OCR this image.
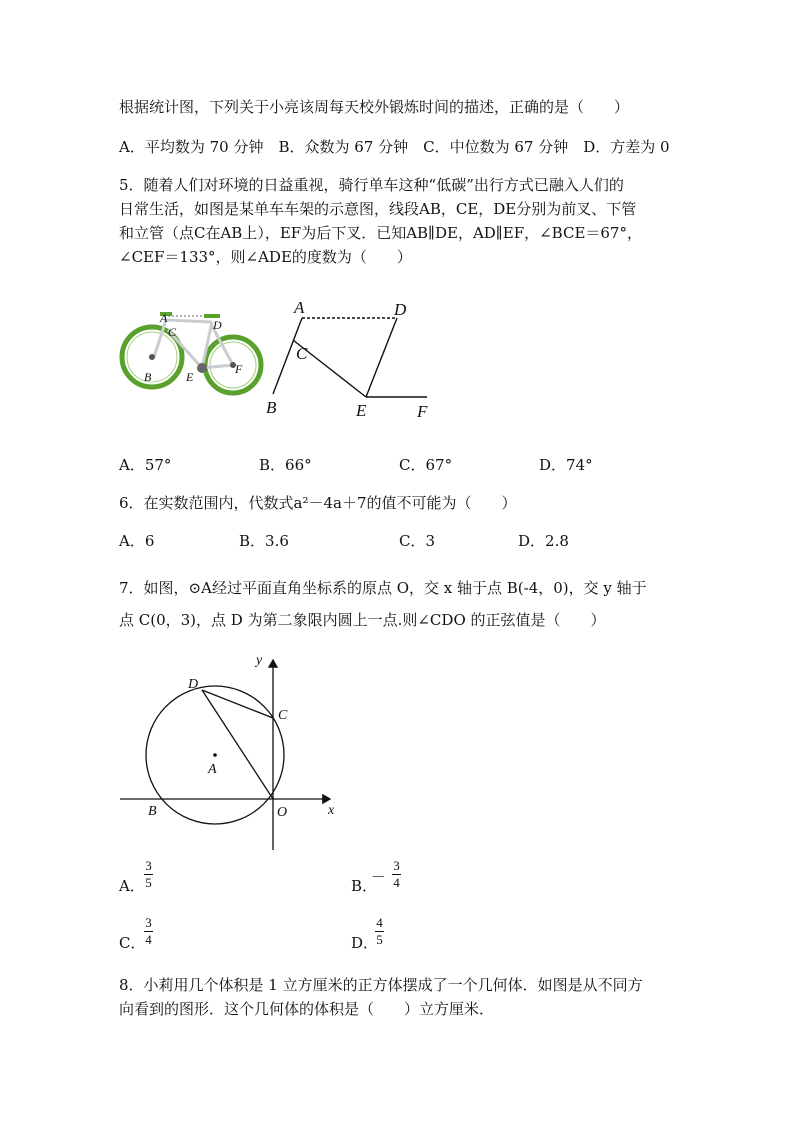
根据统计图，下列关于小亮该周每天校外锻炼时间的描述，正确的是（　　）
A．平均数为 70 分钟　B．众数为 67 分钟　C．中位数为 67 分钟　D．方差为 0
5．随着人们对环境的日益重视，骑行单车这种“低碳”出行方式已融入人们的
日常生活，如图是某单车车架的示意图，线段AB，CE，DE分别为前叉、下管
和立管（点C在AB上），EF为后下叉．已知AB∥DE，AD∥EF，∠BCE＝67°，
∠CEF＝133°，则∠ADE的度数为（　　）
A
C	D
B	E
F
A	D
C
B	E	F
A．57°	B．66°	C．67°	D．74°
6．在实数范围内，代数式a²－4a＋7的值不可能为（　　）
A．6	B．3.6	C．3	D．2.8
7．如图，⊙A经过平面直角坐标系的原点 O，交 x 轴于点 B(-4，0)，交 y 轴于
点 C(0，3)，点 D 为第二象限内圆上一点.则∠CDO 的正弦值是（　　）
y
x
D
C
A
B	O
A．
3
5	B．
－
3
4
C．
3
4	D．
4
5
8．小莉用几个体积是 1 立方厘米的正方体摆成了一个几何体．如图是从不同方
向看到的图形．这个几何体的体积是（　　）立方厘米．
